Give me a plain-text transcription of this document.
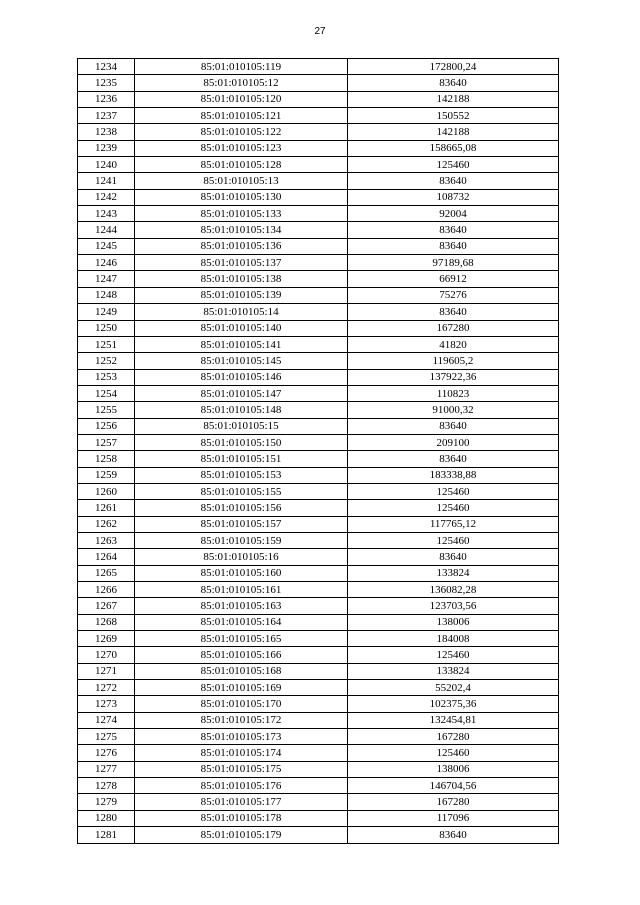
27
1234	85:01:010105:119	172800,24
1235	85:01:010105:12	83640
1236	85:01:010105:120	142188
1237	85:01:010105:121	150552
1238	85:01:010105:122	142188
1239	85:01:010105:123	158665,08
1240	85:01:010105:128	125460
1241	85:01:010105:13	83640
1242	85:01:010105:130	108732
1243	85:01:010105:133	92004
1244	85:01:010105:134	83640
1245	85:01:010105:136	83640
1246	85:01:010105:137	97189,68
1247	85:01:010105:138	66912
1248	85:01:010105:139	75276
1249	85:01:010105:14	83640
1250	85:01:010105:140	167280
1251	85:01:010105:141	41820
1252	85:01:010105:145	119605,2
1253	85:01:010105:146	137922,36
1254	85:01:010105:147	110823
1255	85:01:010105:148	91000,32
1256	85:01:010105:15	83640
1257	85:01:010105:150	209100
1258	85:01:010105:151	83640
1259	85:01:010105:153	183338,88
1260	85:01:010105:155	125460
1261	85:01:010105:156	125460
1262	85:01:010105:157	117765,12
1263	85:01:010105:159	125460
1264	85:01:010105:16	83640
1265	85:01:010105:160	133824
1266	85:01:010105:161	136082,28
1267	85:01:010105:163	123703,56
1268	85:01:010105:164	138006
1269	85:01:010105:165	184008
1270	85:01:010105:166	125460
1271	85:01:010105:168	133824
1272	85:01:010105:169	55202,4
1273	85:01:010105:170	102375,36
1274	85:01:010105:172	132454,81
1275	85:01:010105:173	167280
1276	85:01:010105:174	125460
1277	85:01:010105:175	138006
1278	85:01:010105:176	146704,56
1279	85:01:010105:177	167280
1280	85:01:010105:178	117096
1281	85:01:010105:179	83640
